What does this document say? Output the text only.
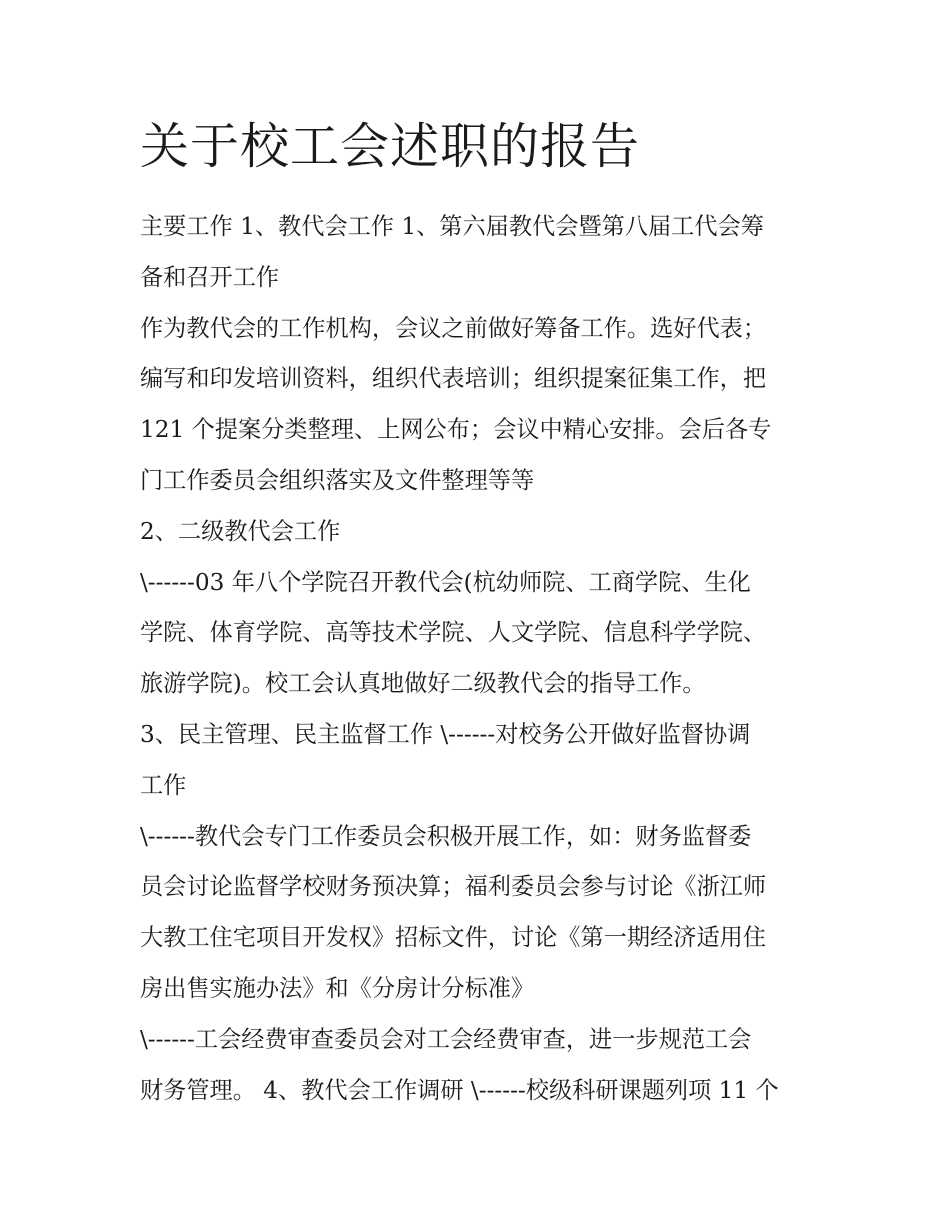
关于校工会述职的报告

主要工作 1、教代会工作 1、第六届教代会暨第八届工代会筹
备和召开工作

作为教代会的工作机构，会议之前做好筹备工作。选好代表；
编写和印发培训资料，组织代表培训；组织提案征集工作，把
121 个提案分类整理、上网公布；会议中精心安排。会后各专
门工作委员会组织落实及文件整理等等

2、二级教代会工作

\------03 年八个学院召开教代会(杭幼师院、工商学院、生化
学院、体育学院、高等技术学院、人文学院、信息科学学院、
旅游学院)。校工会认真地做好二级教代会的指导工作。

3、民主管理、民主监督工作 \------对校务公开做好监督协调
工作

\------教代会专门工作委员会积极开展工作，如：财务监督委
员会讨论监督学校财务预决算；福利委员会参与讨论《浙江师
大教工住宅项目开发权》招标文件，讨论《第一期经济适用住
房出售实施办法》和《分房计分标准》

\------工会经费审查委员会对工会经费审查，进一步规范工会
财务管理。 4、教代会工作调研 \------校级科研课题列项 11 个
